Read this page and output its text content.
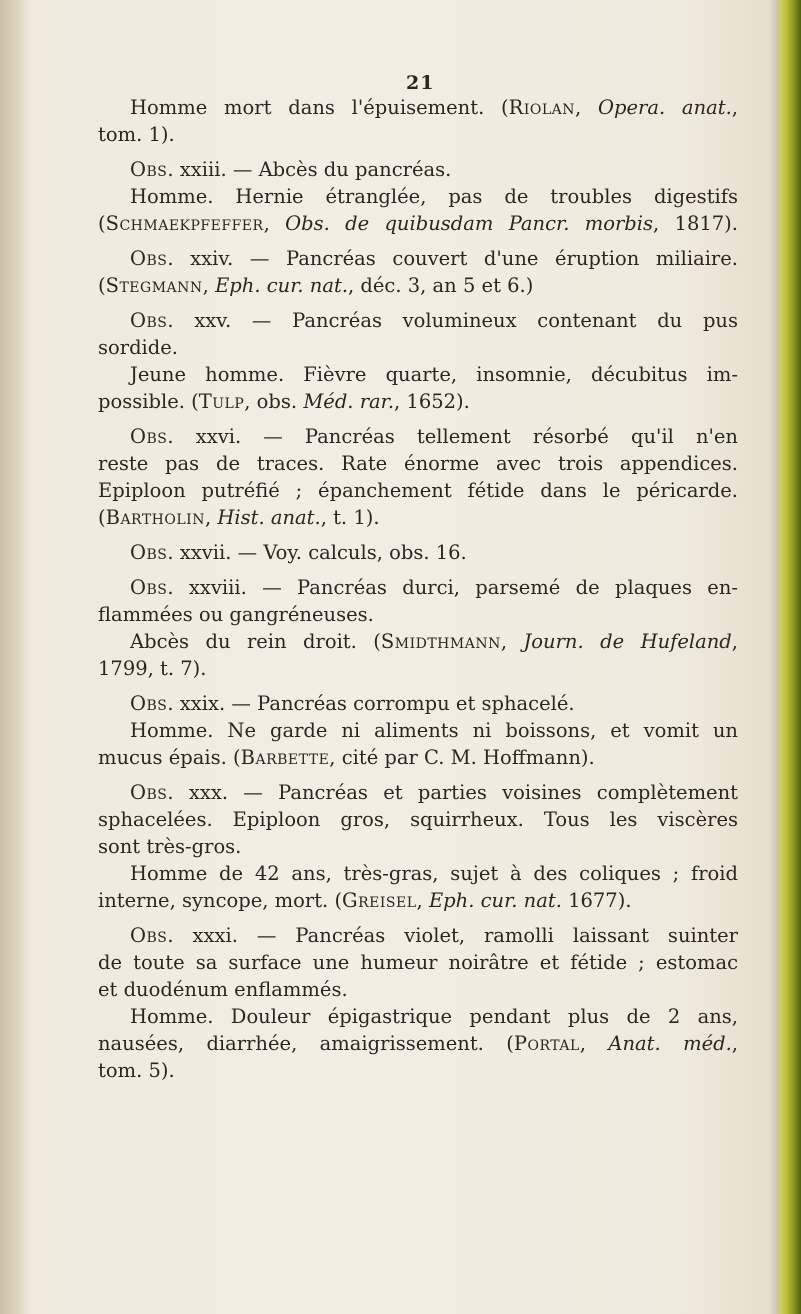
21
Homme mort dans l'épuisement. (Riolan, Opera. anat.,
tom. 1).
Obs. xxiii. — Abcès du pancréas.
Homme. Hernie étranglée, pas de troubles digestifs
(Schmaekpfeffer, Obs. de quibusdam Pancr. morbis, 1817).
Obs. xxiv. — Pancréas couvert d'une éruption miliaire.
(Stegmann, Eph. cur. nat., déc. 3, an 5 et 6.)
Obs. xxv. — Pancréas volumineux contenant du pus
sordide.
Jeune homme. Fièvre quarte, insomnie, décubitus im-
possible. (Tulp, obs. Méd. rar., 1652).
Obs. xxvi. — Pancréas tellement résorbé qu'il n'en
reste pas de traces. Rate énorme avec trois appendices.
Epiploon putréfié ; épanchement fétide dans le péricarde.
(Bartholin, Hist. anat., t. 1).
Obs. xxvii. — Voy. calculs, obs. 16.
Obs. xxviii. — Pancréas durci, parsemé de plaques en-
flammées ou gangréneuses.
Abcès du rein droit. (Smidthmann, Journ. de Hufeland,
1799, t. 7).
Obs. xxix. — Pancréas corrompu et sphacelé.
Homme. Ne garde ni aliments ni boissons, et vomit un
mucus épais. (Barbette, cité par C. M. Hoffmann).
Obs. xxx. — Pancréas et parties voisines complètement
sphacelées. Epiploon gros, squirrheux. Tous les viscères
sont très-gros.
Homme de 42 ans, très-gras, sujet à des coliques ; froid
interne, syncope, mort. (Greisel, Eph. cur. nat. 1677).
Obs. xxxi. — Pancréas violet, ramolli laissant suinter
de toute sa surface une humeur noirâtre et fétide ; estomac
et duodénum enflammés.
Homme. Douleur épigastrique pendant plus de 2 ans,
nausées, diarrhée, amaigrissement. (Portal, Anat. méd.,
tom. 5).
